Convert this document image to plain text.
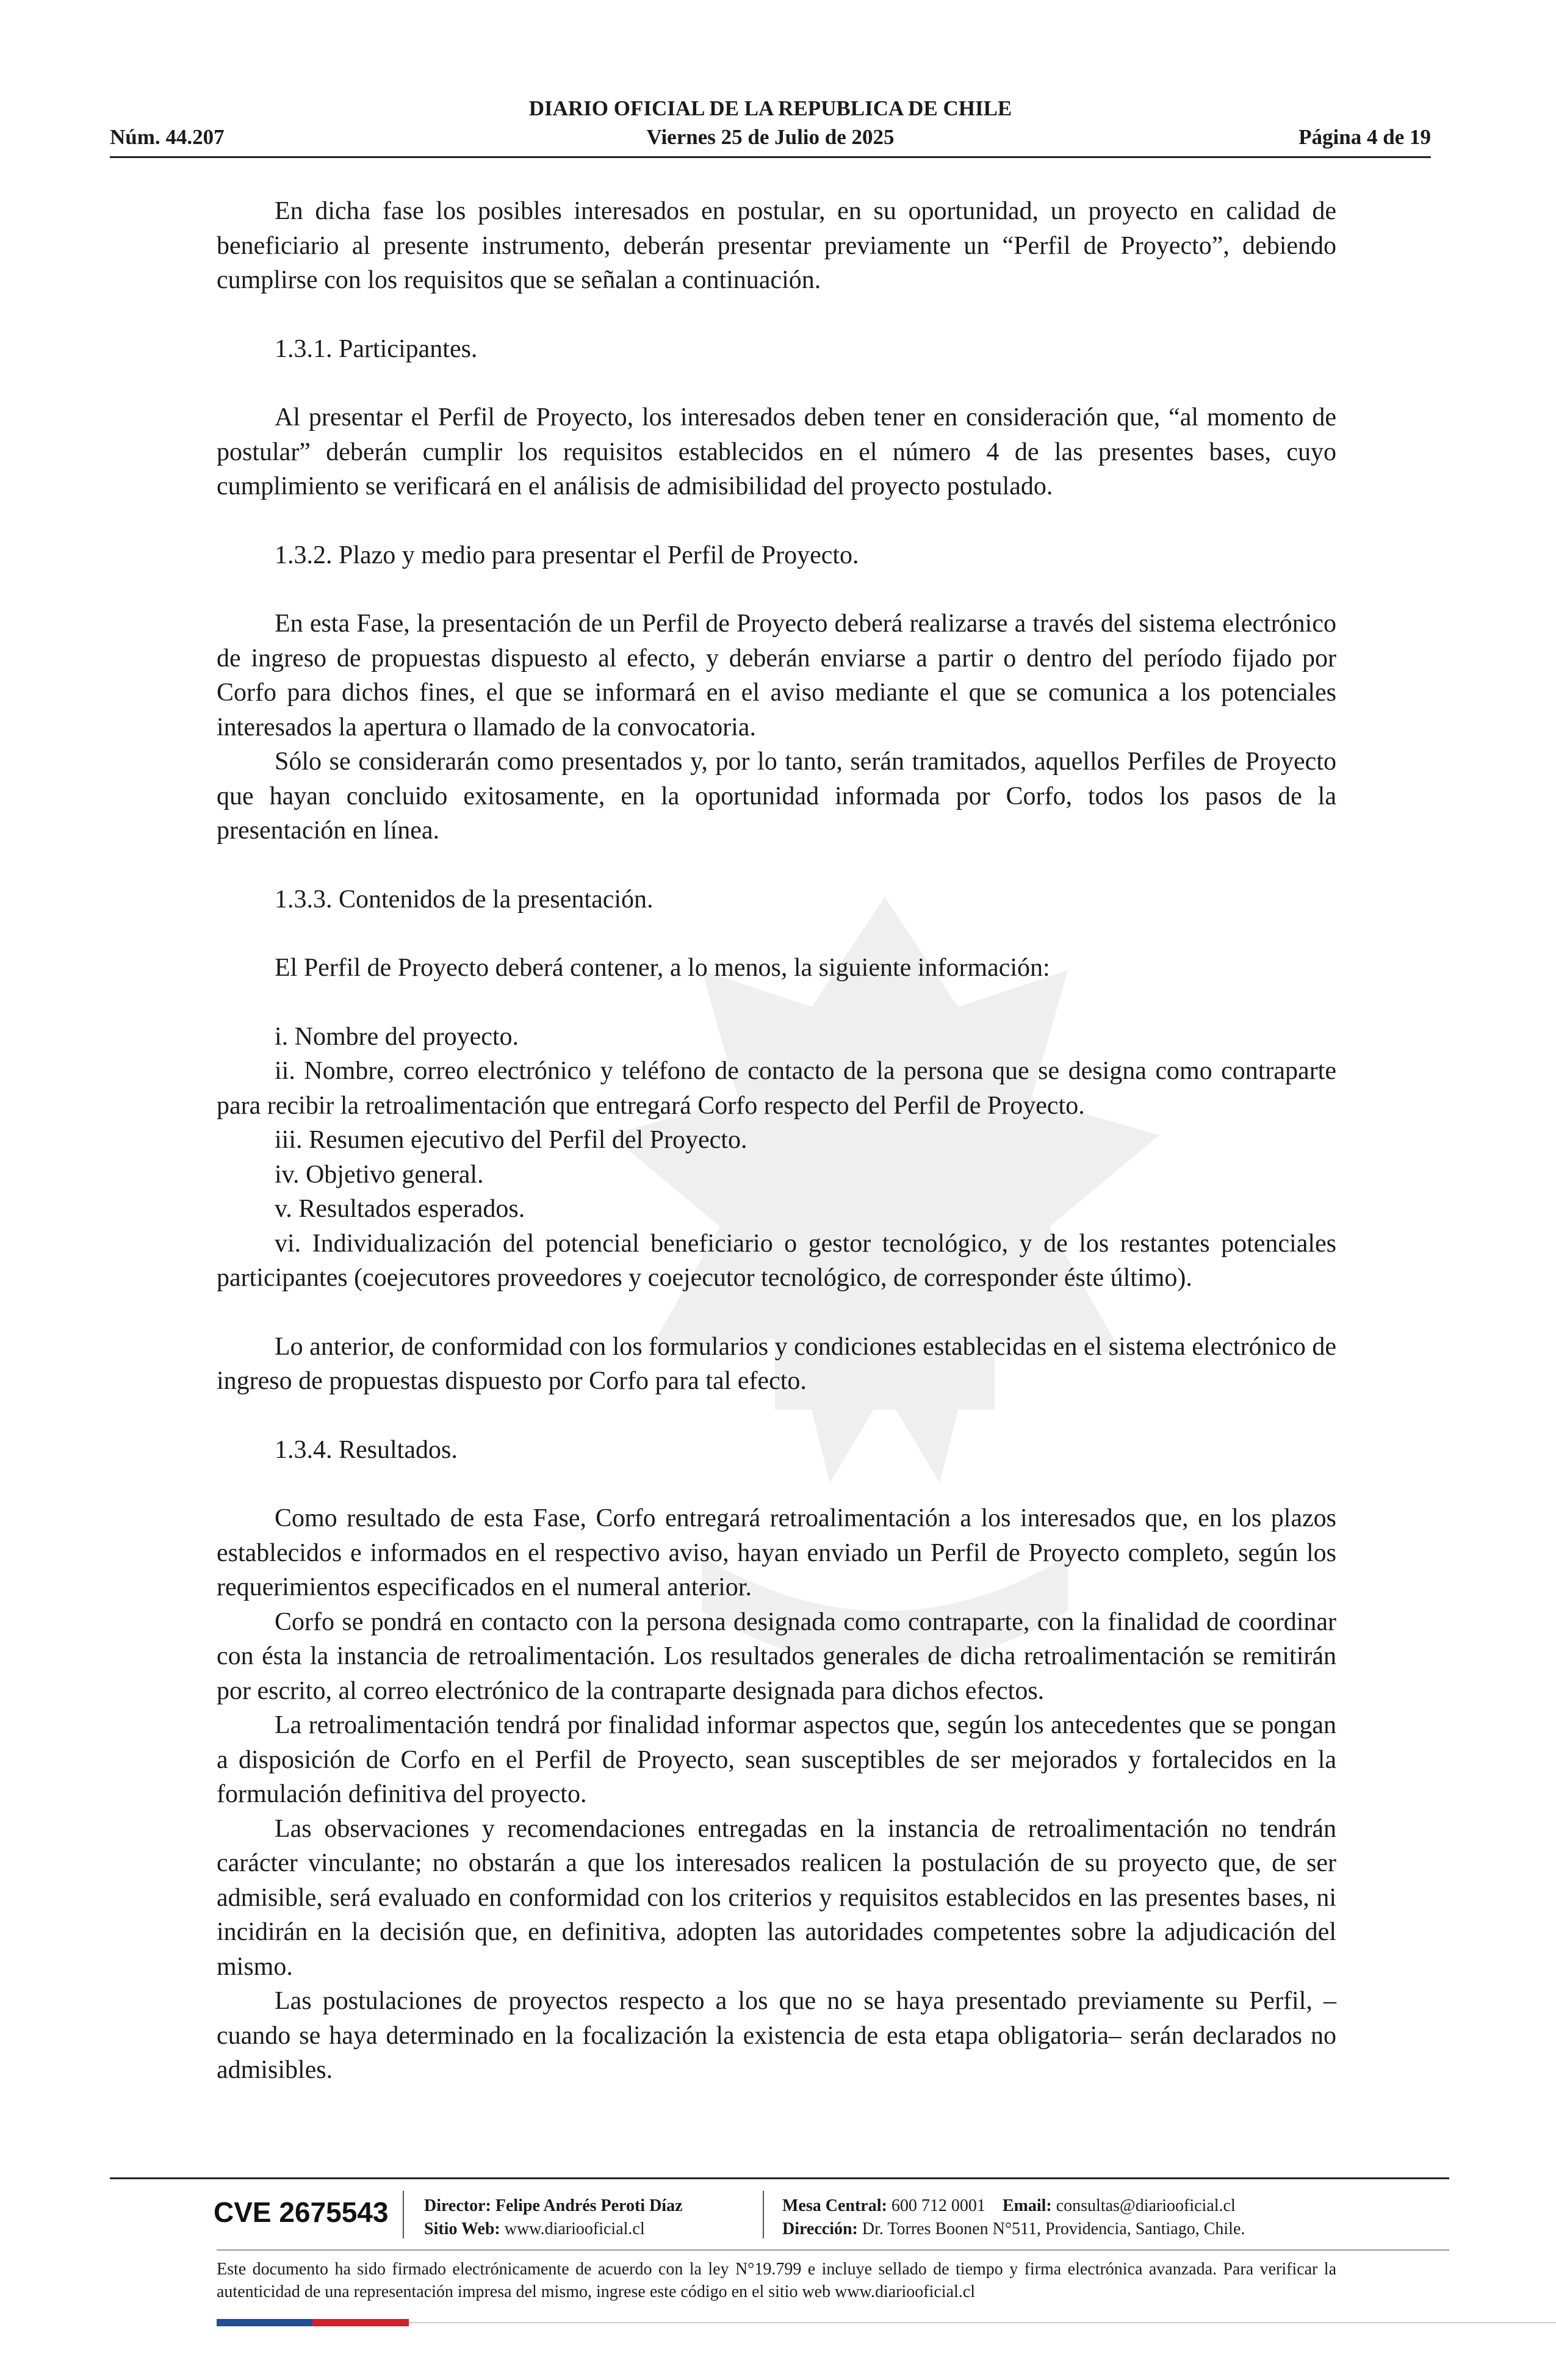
DIARIO OFICIAL DE LA REPUBLICA DE CHILE
Núm. 44.207	Viernes 25 de Julio de 2025	Página 4 de 19

En dicha fase los posibles interesados en postular, en su oportunidad, un proyecto en calidad de beneficiario al presente instrumento, deberán presentar previamente un “Perfil de Proyecto”, debiendo cumplirse con los requisitos que se señalan a continuación.

1.3.1. Participantes.

Al presentar el Perfil de Proyecto, los interesados deben tener en consideración que, “al momento de postular” deberán cumplir los requisitos establecidos en el número 4 de las presentes bases, cuyo cumplimiento se verificará en el análisis de admisibilidad del proyecto postulado.

1.3.2. Plazo y medio para presentar el Perfil de Proyecto.

En esta Fase, la presentación de un Perfil de Proyecto deberá realizarse a través del sistema electrónico de ingreso de propuestas dispuesto al efecto, y deberán enviarse a partir o dentro del período fijado por Corfo para dichos fines, el que se informará en el aviso mediante el que se comunica a los potenciales interesados la apertura o llamado de la convocatoria.

Sólo se considerarán como presentados y, por lo tanto, serán tramitados, aquellos Perfiles de Proyecto que hayan concluido exitosamente, en la oportunidad informada por Corfo, todos los pasos de la presentación en línea.

1.3.3. Contenidos de la presentación.

El Perfil de Proyecto deberá contener, a lo menos, la siguiente información:

i. Nombre del proyecto.

ii. Nombre, correo electrónico y teléfono de contacto de la persona que se designa como contraparte para recibir la retroalimentación que entregará Corfo respecto del Perfil de Proyecto.

iii. Resumen ejecutivo del Perfil del Proyecto.

iv. Objetivo general.

v. Resultados esperados.

vi. Individualización del potencial beneficiario o gestor tecnológico, y de los restantes potenciales participantes (coejecutores proveedores y coejecutor tecnológico, de corresponder éste último).

Lo anterior, de conformidad con los formularios y condiciones establecidas en el sistema electrónico de ingreso de propuestas dispuesto por Corfo para tal efecto.

1.3.4. Resultados.

Como resultado de esta Fase, Corfo entregará retroalimentación a los interesados que, en los plazos establecidos e informados en el respectivo aviso, hayan enviado un Perfil de Proyecto completo, según los requerimientos especificados en el numeral anterior.

Corfo se pondrá en contacto con la persona designada como contraparte, con la finalidad de coordinar con ésta la instancia de retroalimentación. Los resultados generales de dicha retroalimentación se remitirán por escrito, al correo electrónico de la contraparte designada para dichos efectos.

La retroalimentación tendrá por finalidad informar aspectos que, según los antecedentes que se pongan a disposición de Corfo en el Perfil de Proyecto, sean susceptibles de ser mejorados y fortalecidos en la formulación definitiva del proyecto.

Las observaciones y recomendaciones entregadas en la instancia de retroalimentación no tendrán carácter vinculante; no obstarán a que los interesados realicen la postulación de su proyecto que, de ser admisible, será evaluado en conformidad con los criterios y requisitos establecidos en las presentes bases, ni incidirán en la decisión que, en definitiva, adopten las autoridades competentes sobre la adjudicación del mismo.

Las postulaciones de proyectos respecto a los que no se haya presentado previamente su Perfil, –cuando se haya determinado en la focalización la existencia de esta etapa obligatoria– serán declarados no admisibles.

CVE 2675543 Director: Felipe Andrés Peroti Díaz
Sitio Web: www.diariooficial.cl
Mesa Central: 600 712 0001 Email: consultas@diariooficial.cl
Dirección: Dr. Torres Boonen N°511, Providencia, Santiago, Chile.
Este documento ha sido firmado electrónicamente de acuerdo con la ley N°19.799 e incluye sellado de tiempo y firma electrónica avanzada. Para verificar la autenticidad de una representación impresa del mismo, ingrese este código en el sitio web www.diariooficial.cl
